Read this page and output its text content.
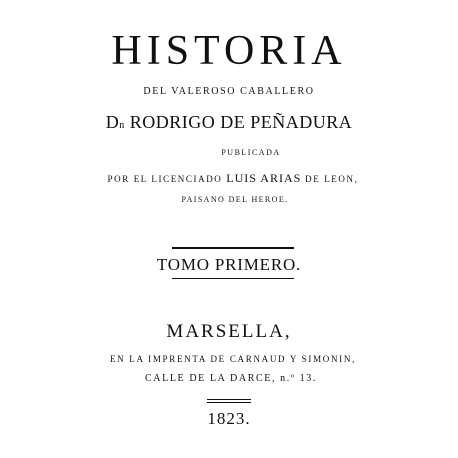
HISTORIA
DEL VALEROSO CABALLERO
Dn RODRIGO DE PEÑADURA
PUBLICADA
POR EL LICENCIADO LUIS ARIAS DE LEON,
PAISANO DEL HEROE.
TOMO PRIMERO.
MARSELLA,
EN LA IMPRENTA DE CARNAUD Y SIMONIN,
CALLE DE LA DARCE, n.º 13.
1823.
